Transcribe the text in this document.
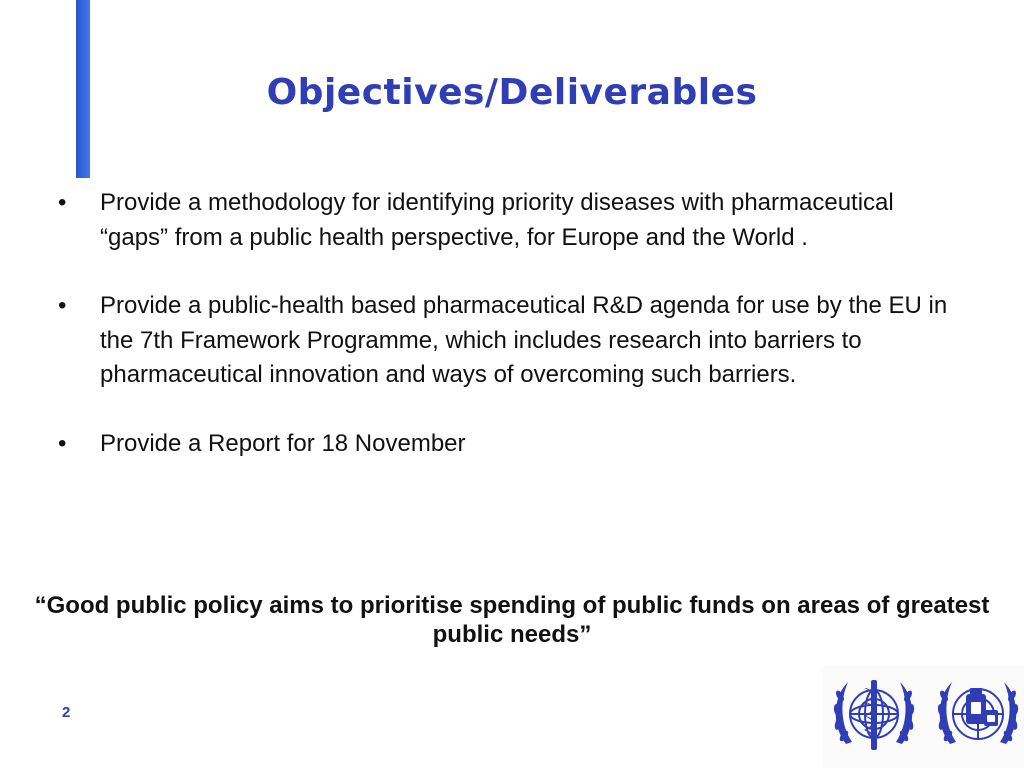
Objectives/Deliverables
•	Provide a methodology for identifying priority diseases with pharmaceutical “gaps” from a public health perspective, for Europe and the World .
•	Provide a public-health based pharmaceutical R&D agenda for use by the EU in the 7th Framework Programme, which includes research into barriers to pharmaceutical innovation and ways of overcoming such barriers.
•	Provide a Report for 18 November

“Good public policy aims to prioritise spending of public funds on areas of greatest public needs”

2
